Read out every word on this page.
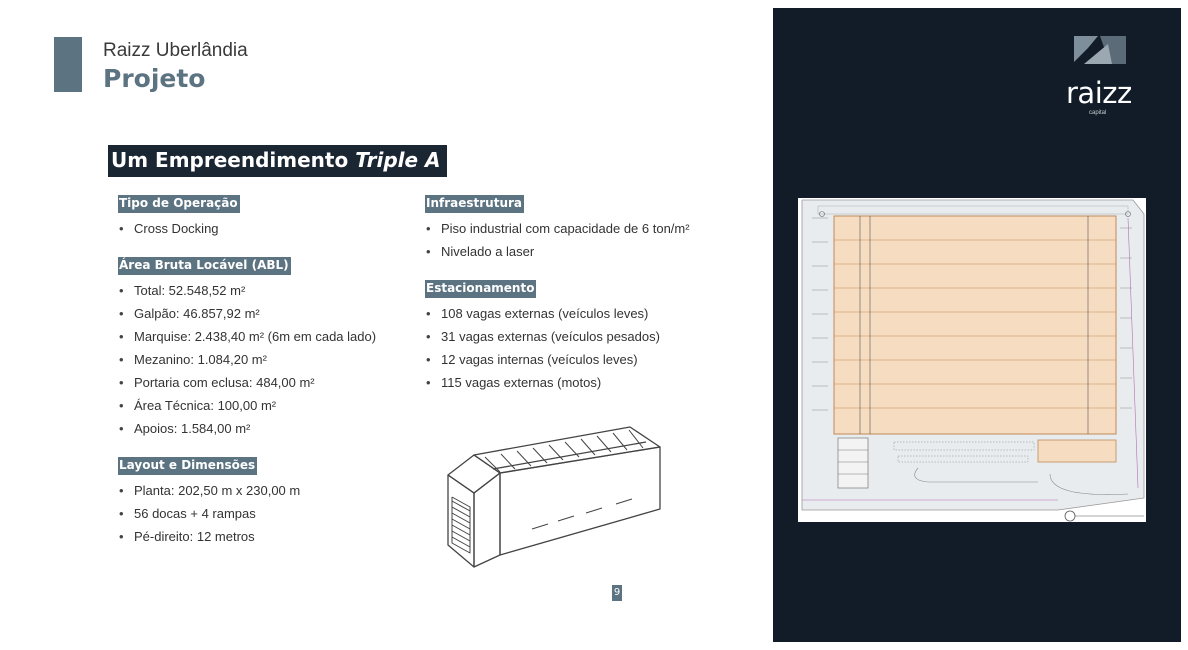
Raizz Uberlândia
Projeto
Um Empreendimento Triple A
Tipo de Operação
• Cross Docking
Área Bruta Locável (ABL)
• Total: 52.548,52 m²
• Galpão: 46.857,92 m²
• Marquise: 2.438,40 m² (6m em cada lado)
• Mezanino: 1.084,20 m²
• Portaria com eclusa: 484,00 m²
• Área Técnica: 100,00 m²
• Apoios: 1.584,00 m²
Layout e Dimensões
• Planta: 202,50 m x 230,00 m
• 56 docas + 4 rampas
• Pé-direito: 12 metros
Infraestrutura
• Piso industrial com capacidade de 6 ton/m²
• Nivelado a laser
Estacionamento
• 108 vagas externas (veículos leves)
• 31 vagas externas (veículos pesados)
• 12 vagas internas (veículos leves)
• 115 vagas externas (motos)
9
raizz
capital
